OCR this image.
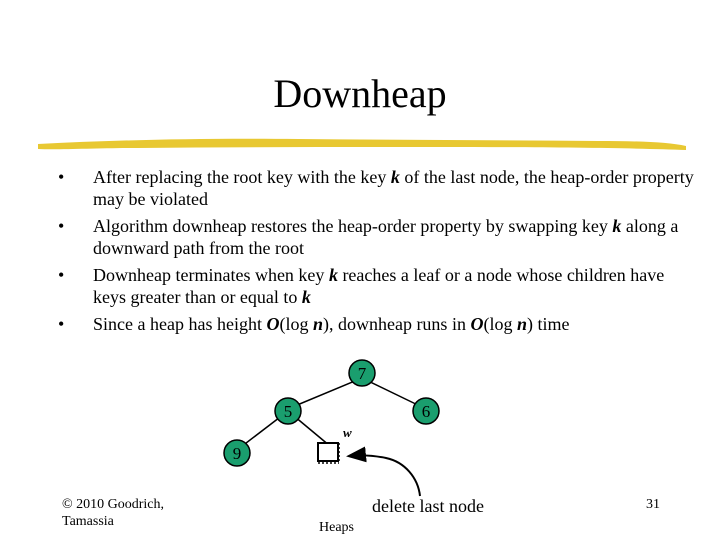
Downheap
• After replacing the root key with the key k of the last node, the heap-order property may be violated
• Algorithm downheap restores the heap-order property by swapping key k along a downward path from the root
• Downheap terminates when key k reaches a leaf or a node whose children have keys greater than or equal to k
• Since a heap has height O(log n), downheap runs in O(log n) time
7
5	6
9
w
delete last node
© 2010 Goodrich,
Tamassia	Heaps
31
